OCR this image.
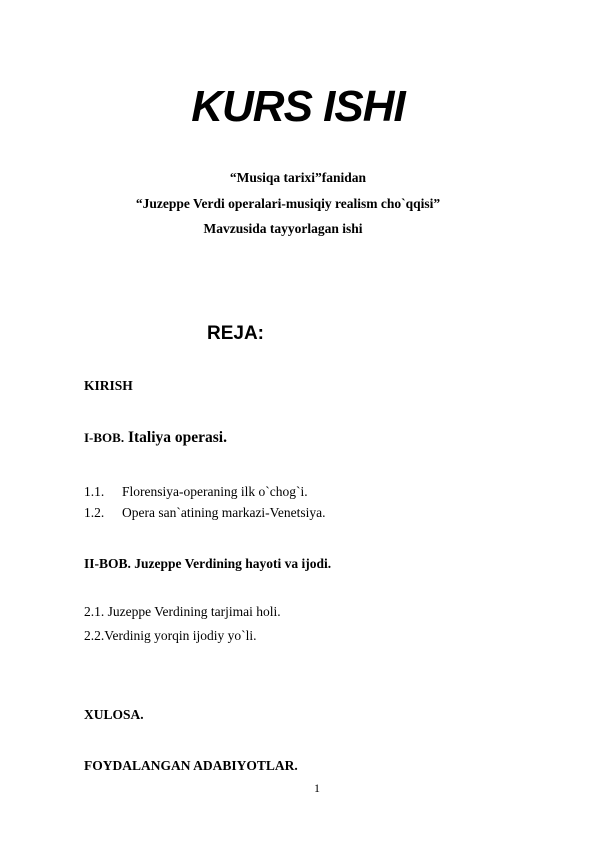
KURS ISHI
“Musiqa tarixi”fanidan
“Juzeppe Verdi operalari-musiqiy realism cho`qqisi”
Mavzusida tayyorlagan ishi
REJA:
KIRISH
I-BOB. Italiya operasi.
1.1. Florensiya-operaning ilk o`chog`i.
1.2. Opera san`atining markazi-Venetsiya.
II-BOB. Juzeppe Verdining hayoti va ijodi.
2.1. Juzeppe Verdining tarjimai holi.
2.2.Verdinig yorqin ijodiy yo`li.
XULOSA.
FOYDALANGAN ADABIYOTLAR.
1
